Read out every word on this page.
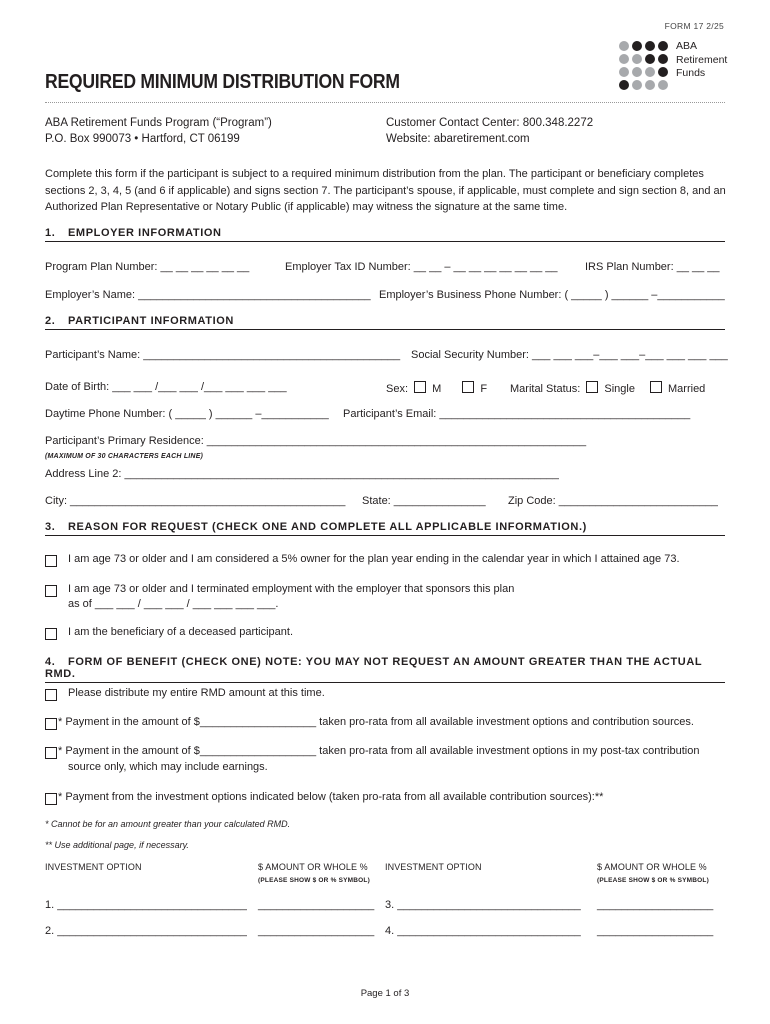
FORM 17 2/25
ABA
Retirement
Funds
REQUIRED MINIMUM DISTRIBUTION FORM
ABA Retirement Funds Program (“Program”)
P.O. Box 990073 • Hartford, CT 06199
Customer Contact Center: 800.348.2272
Website: abaretirement.com
Complete this form if the participant is subject to a required minimum distribution from the plan. The participant or beneficiary completes sections 2, 3, 4, 5 (and 6 if applicable) and signs section 7. The participant’s spouse, if applicable, must complete and sign section 8, and an Authorized Plan Representative or Notary Public (if applicable) may witness the signature at the same time.
1. EMPLOYER INFORMATION
Program Plan Number: __ __ __ __ __ __	Employer Tax ID Number: __ __ – __ __ __ __ __ __ __ IRS Plan Number: __ __ __
Employer’s Name: ______________________________________ Employer’s Business Phone Number: ( _____ ) ______ –___________
2. PARTICIPANT INFORMATION
Participant’s Name: __________________________________________ Social Security Number: ___ ___ ___–___ ___–___ ___ ___ ___
Date of Birth: ___ ___ /___ ___ /___ ___ ___ ___	Sex: M	F Marital Status: Single	Married
Daytime Phone Number: ( _____ ) ______ –___________ Participant’s Email: _________________________________________
Participant’s Primary Residence: ______________________________________________________________
(MAXIMUM OF 30 CHARACTERS EACH LINE)
Address Line 2: _______________________________________________________________________
City: _____________________________________________ State: _______________ Zip Code: __________________________
3. REASON FOR REQUEST (CHECK ONE AND COMPLETE ALL APPLICABLE INFORMATION.)
I am age 73 or older and I am considered a 5% owner for the plan year ending in the calendar year in which I attained age 73.
I am age 73 or older and I terminated employment with the employer that sponsors this plan
as of ___ ___ / ___ ___ / ___ ___ ___ ___.
I am the beneficiary of a deceased participant.
4. FORM OF BENEFIT (CHECK ONE) NOTE: YOU MAY NOT REQUEST AN AMOUNT GREATER THAN THE ACTUAL RMD.
Please distribute my entire RMD amount at this time.
* Payment in the amount of $___________________ taken pro-rata from all available investment options and contribution sources.
* Payment in the amount of $___________________ taken pro-rata from all available investment options in my post-tax contribution
source only, which may include earnings.
* Payment from the investment options indicated below (taken pro-rata from all available contribution sources):**
* Cannot be for an amount greater than your calculated RMD.
** Use additional page, if necessary.
INVESTMENT OPTION	$ AMOUNT OR WHOLE %
(PLEASE SHOW $ OR % SYMBOL)
INVESTMENT OPTION	$ AMOUNT OR WHOLE %
(PLEASE SHOW $ OR % SYMBOL)
1. _______________________________ ___________________ 3. ______________________________ ___________________
2. _______________________________ ___________________ 4. ______________________________ ___________________
Page 1 of 3
